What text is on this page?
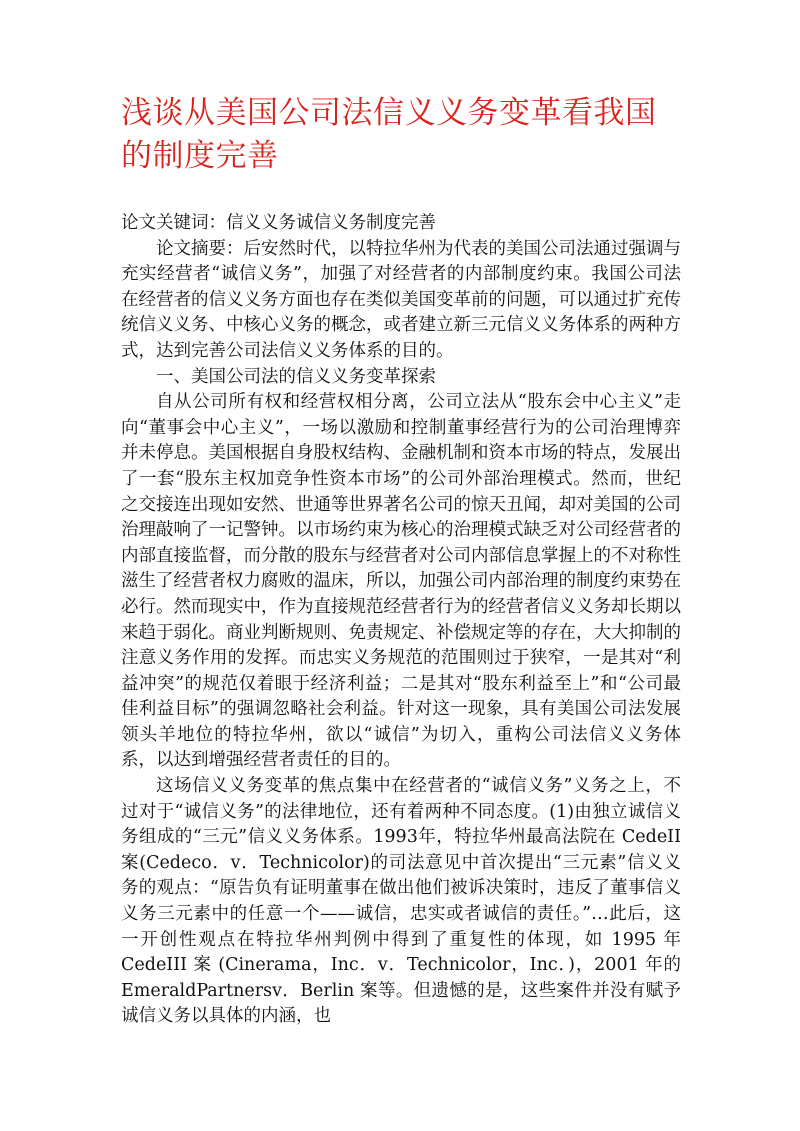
浅谈从美国公司法信义义务变革看我国的制度完善

论文关键词：信义义务诚信义务制度完善

论文摘要：后安然时代，以特拉华州为代表的美国公司法通过强调与充实经营者“诚信义务”，加强了对经营者的内部制度约束。我国公司法在经营者的信义义务方面也存在类似美国变革前的问题，可以通过扩充传统信义义务、中核心义务的概念，或者建立新三元信义义务体系的两种方式，达到完善公司法信义义务体系的目的。

一、美国公司法的信义义务变革探索

自从公司所有权和经营权相分离，公司立法从“股东会中心主义”走向“董事会中心主义”，一场以激励和控制董事经营行为的公司治理博弈并未停息。美国根据自身股权结构、金融机制和资本市场的特点，发展出了一套“股东主权加竞争性资本市场”的公司外部治理模式。然而，世纪之交接连出现如安然、世通等世界著名公司的惊天丑闻，却对美国的公司治理敲响了一记警钟。以市场约束为核心的治理模式缺乏对公司经营者的内部直接监督，而分散的股东与经营者对公司内部信息掌握上的不对称性滋生了经营者权力腐败的温床，所以，加强公司内部治理的制度约束势在必行。然而现实中，作为直接规范经营者行为的经营者信义义务却长期以来趋于弱化。商业判断规则、免责规定、补偿规定等的存在，大大抑制的注意义务作用的发挥。而忠实义务规范的范围则过于狭窄，一是其对“利益冲突”的规范仅着眼于经济利益；二是其对“股东利益至上”和“公司最佳利益目标”的强调忽略社会利益。针对这一现象，具有美国公司法发展领头羊地位的特拉华州，欲以“诚信”为切入，重构公司法信义义务体系，以达到增强经营者责任的目的。

这场信义义务变革的焦点集中在经营者的“诚信义务”义务之上，不过对于“诚信义务”的法律地位，还有着两种不同态度。(1)由独立诚信义务组成的“三元”信义义务体系。1993年，特拉华州最高法院在 CedeII 案(Cedeco．v．Technicolor)的司法意见中首次提出“三元素”信义义务的观点：“原告负有证明董事在做出他们被诉决策时，违反了董事信义义务三元素中的任意一个——诚信，忠实或者诚信的责任。”…此后，这一开创性观点在特拉华州判例中得到了重复性的体现，如 1995 年 CedeIII 案 (Cinerama，Inc．v．Technicolor，Inc．)，2001 年的 EmeraldPartnersv．Berlin 案等。但遗憾的是，这些案件并没有赋予诚信义务以具体的内涵，也
